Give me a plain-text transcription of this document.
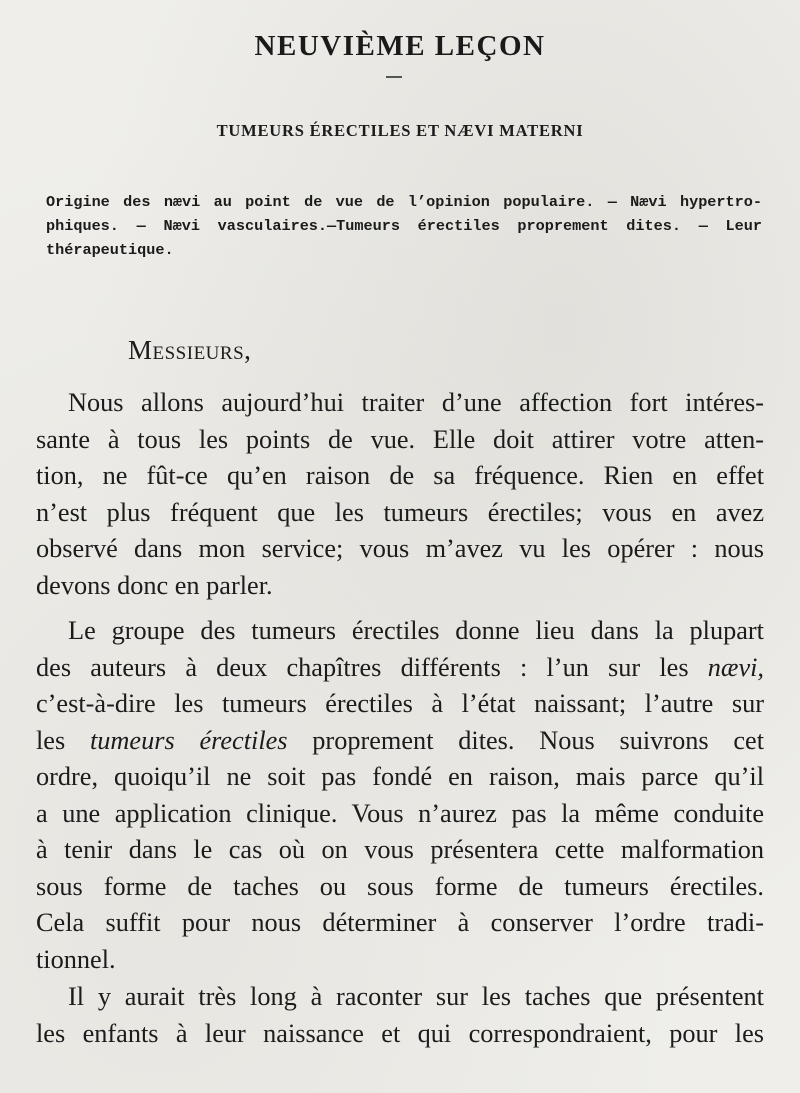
NEUVIÈME LEÇON
TUMEURS ÉRECTILES ET NÆVI MATERNI
Origine des nævi au point de vue de l’opinion populaire. — Nævi hypertro-
phiques. — Nævi vasculaires.—Tumeurs érectiles proprement dites. — Leur
thérapeutique.
Messieurs,
Nous allons aujourd’hui traiter d’une affection fort intéres-
sante à tous les points de vue. Elle doit attirer votre atten-
tion, ne fût-ce qu’en raison de sa fréquence. Rien en effet
n’est plus fréquent que les tumeurs érectiles; vous en avez
observé dans mon service; vous m’avez vu les opérer : nous
devons donc en parler.
Le groupe des tumeurs érectiles donne lieu dans la plupart
des auteurs à deux chapîtres différents : l’un sur les nævi,
c’est-à-dire les tumeurs érectiles à l’état naissant; l’autre sur
les tumeurs érectiles proprement dites. Nous suivrons cet
ordre, quoiqu’il ne soit pas fondé en raison, mais parce qu’il
a une application clinique. Vous n’aurez pas la même conduite
à tenir dans le cas où on vous présentera cette malformation
sous forme de taches ou sous forme de tumeurs érectiles.
Cela suffit pour nous déterminer à conserver l’ordre tradi-
tionnel.
Il y aurait très long à raconter sur les taches que présentent
les enfants à leur naissance et qui correspondraient, pour les
